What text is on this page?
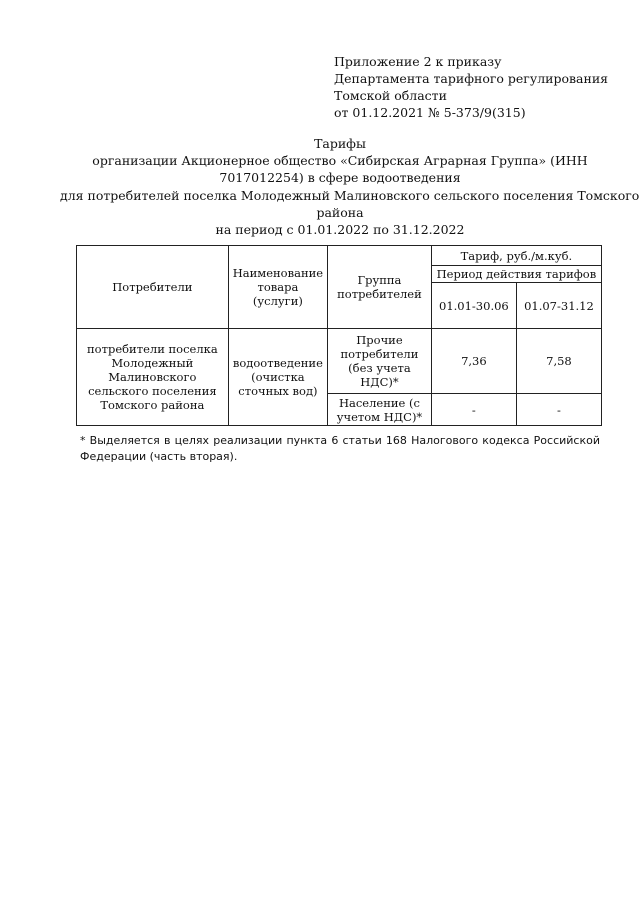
Приложение 2 к приказу
Департамента тарифного регулирования
Томской области
от 01.12.2021 № 5-373/9(315)
Тарифы
организации Акционерное общество «Сибирская Аграрная Группа» (ИНН
7017012254) в сфере водоотведения
для потребителей поселка Молодежный Малиновского сельского поселения Томского
района
на период с 01.01.2022 по 31.12.2022
Потребители	Наименование товара (услуги)	Группа потребителей	Тариф, руб./м.куб.	
			Период действия тарифов	
			01.01-30.06	01.07-31.12
потребители поселка Молодежный Малиновского сельского поселения Томского района	водоотведение (очистка сточных вод)	Прочие потребители (без учета НДС)*	7,36	7,58
		Население (с учетом НДС)*	-	-
* Выделяется в целях реализации пункта 6 статьи 168 Налогового кодекса Российской Федерации (часть вторая).
